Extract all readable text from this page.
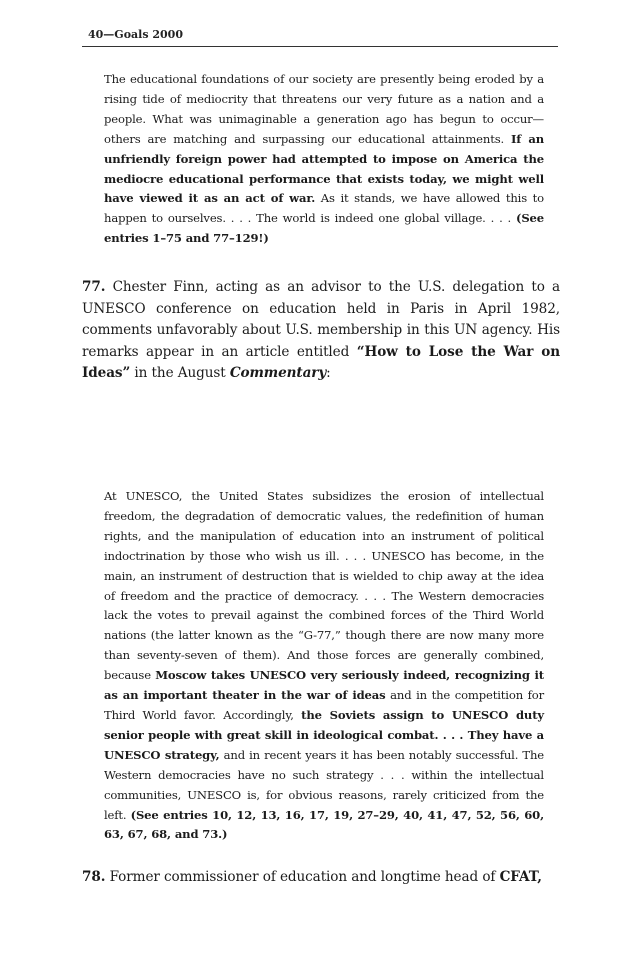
40—Goals 2000
The educational foundations of our society are presently being eroded by a rising tide of mediocrity that threatens our very future as a nation and a people. What was unimaginable a generation ago has begun to occur—others are matching and surpassing our educational attainments. If an unfriendly foreign power had attempted to impose on America the mediocre educational performance that exists today, we might well have viewed it as an act of war. As it stands, we have allowed this to happen to ourselves. . . . The world is indeed one global village. . . . (See entries 1–75 and 77–129!)
77. Chester Finn, acting as an advisor to the U.S. delegation to a UNESCO conference on education held in Paris in April 1982, comments unfavorably about U.S. membership in this UN agency. His remarks appear in an article entitled “How to Lose the War on Ideas” in the August Commentary:
At UNESCO, the United States subsidizes the erosion of intellectual freedom, the degradation of democratic values, the redefinition of human rights, and the manipulation of education into an instrument of political indoctrination by those who wish us ill. . . . UNESCO has become, in the main, an instrument of destruction that is wielded to chip away at the idea of freedom and the practice of democracy. . . . The Western democracies lack the votes to prevail against the combined forces of the Third World nations (the latter known as the “G-77,” though there are now many more than seventy-seven of them). And those forces are generally combined, because Moscow takes UNESCO very seriously indeed, recognizing it as an important theater in the war of ideas and in the competition for Third World favor. Accordingly, the Soviets assign to UNESCO duty senior people with great skill in ideological combat. . . . They have a UNESCO strategy, and in recent years it has been notably successful. The Western democracies have no such strategy . . . within the intellectual communities, UNESCO is, for obvious reasons, rarely criticized from the left. (See entries 10, 12, 13, 16, 17, 19, 27–29, 40, 41, 47, 52, 56, 60, 63, 67, 68, and 73.)
78. Former commissioner of education and longtime head of CFAT,
